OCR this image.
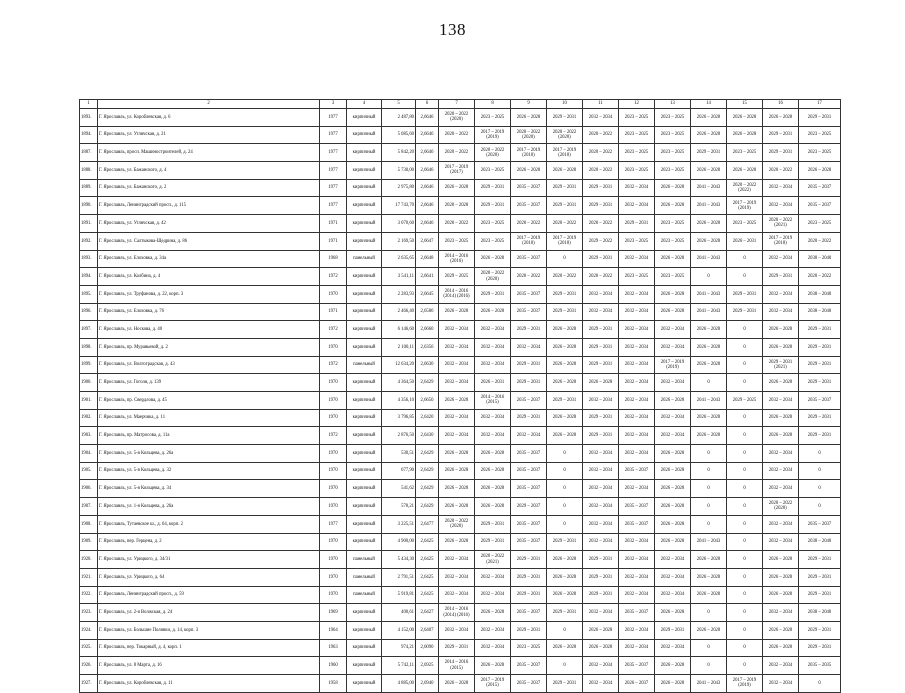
138
1	2	3	4	5	6	7	8	9	10	11	12	13	14	15	16	17
1893.	Г. Ярославль, ул. Короблевская, д. 6	1977	кирпичный	2 487,80	2,6646	2020 – 2022 (2020)	2023 – 2025	2026 – 2028	2029 – 2031	2032 – 2034	2023 – 2025	2023 – 2025	2026 – 2028	2026 – 2028	2026 – 2028	2029 – 2031
1894.	Г. Ярославль, ул. Угличская, д. 21	1977	кирпичный	5 085,60	2,6646	2020 – 2022	2017 – 2019 (2019)	2020 – 2022 (2020)	2020 – 2022 (2020)	2020 – 2022	2023 – 2025	2023 – 2025	2026 – 2028	2026 – 2028	2029 – 2031	2023 – 2025
1887.	Г. Ярославль, просп. Машиностроителей, д. 24	1977	кирпичный	5 842,20	2,6646	2020 – 2022	2020 – 2022 (2020)	2017 – 2019 (2018)	2017 – 2019 (2018)	2020 – 2022	2023 – 2025	2023 – 2025	2029 – 2031	2023 – 2025	2029 – 2031	2023 – 2025
1888.	Г. Ярославль, ул. Бажанского, д. 4	1977	кирпичный	5 730,00	2,6646	2017 – 2019 (2017)	2023 – 2025	2026 – 2028	2026 – 2028	2020 – 2022	2023 – 2025	2023 – 2025	2026 – 2028	2026 – 2028	2020 – 2022	2026 – 2028
1889.	Г. Ярославль, ул. Бажанского, д. 2	1977	кирпичный	2 975,80	2,6646	2026 – 2028	2029 – 2031	2035 – 2037	2029 – 2031	2029 – 2031	2032 – 2034	2026 – 2028	2041 – 2043	2020 – 2022 (2022)	2032 – 2034	2035 – 2037
1890.	Г. Ярославль, Ленинградский просп., д. 115	1977	кирпичный	17 743,70	2,6646	2020 – 2028	2029 – 2031	2035 – 2037	2029 – 2031	2029 – 2031	2032 – 2034	2026 – 2028	2041 – 2043	2017 – 2019 (2019)	2032 – 2034	2035 – 2037
1891.	Г. Ярославль, ул. Угличская, д. 42	1971	кирпичный	3 070,60	2,6646	2020 – 2022	2023 – 2025	2020 – 2022	2020 – 2022	2020 – 2022	2029 – 2031	2023 – 2025	2026 – 2028	2023 – 2025	2020 – 2022 (2021)	2023 – 2025
1892.	Г. Ярославль, ул. Салтыкова-Щедрина, д. 86	1971	кирпичный	2 169,50	2,6647	2023 – 2025	2023 – 2025	2017 – 2019 (2018)	2017 – 2019 (2018)	2029 – 2022	2023 – 2025	2023 – 2025	2026 – 2028	2026 – 2031	2017 – 2019 (2018)	2020 – 2022
1893.	Г. Ярославль, ул. Елоховка, д. 34а	1968	панельный	2 635,65	2,6648	2014 – 2016 (2016)	2026 – 2028	2035 – 2037	0	2029 – 2031	2032 – 2034	2026 – 2028	2041 – 2043	0	2032 – 2034	2038 – 2040
1894.	Г. Ярославль, ул. Колбина, д. 4	1972	кирпичный	3 541,11	2,6641	2029 – 2025	2020 – 2022 (2020)	2020 – 2022	2020 – 2022	2020 – 2022	2023 – 2025	2023 – 2025	0	0	2029 – 2031	2020 – 2022
1895.	Г. Ярославль, ул. Труфанова, д. 22, корп. 3	1970	кирпичный	2 283,93	2,6645	2014 – 2016 (2014) (2016)	2029 – 2031	2035 – 2037	2029 – 2031	2032 – 2034	2032 – 2034	2026 – 2028	2041 – 2043	2029 – 2031	2032 – 2034	2038 – 2040
1896.	Г. Ярославль, ул. Елоховка, д. 76	1971	кирпичный	2 466,40	2,6586	2026 – 2028	2026 – 2028	2035 – 2037	2029 – 2031	2032 – 2034	2032 – 2034	2026 – 2028	2041 – 2043	2029 – 2031	2032 – 2034	2038 – 2040
1897.	Г. Ярославль, ул. Носкова, д. 40	1972	кирпичный	6 146,60	2,6660	2032 – 2034	2032 – 2034	2029 – 2031	2026 – 2028	2029 – 2031	2032 – 2034	2032 – 2034	2026 – 2028	0	2026 – 2028	2029 – 2031
1898.	Г. Ярославль, пр. Муравьевой, д. 2	1970	кирпичный	2 100,11	2,6356	2032 – 2034	2032 – 2034	2032 – 2034	2026 – 2028	2029 – 2031	2032 – 2034	2032 – 2034	2026 – 2028	0	2026 – 2028	2029 – 2031
1899.	Г. Ярославль, ул. Волгоградская, д. 43	1972	панельный	12 634,20	2,6630	2032 – 2034	2032 – 2034	2029 – 2031	2026 – 2028	2029 – 2031	2032 – 2034	2017 – 2019 (2019)	2026 – 2028	0	2029 – 2031 (2021)	2029 – 2031
1900.	Г. Ярославль, ул. Гоголя, д. 139	1970	кирпичный	4 364,50	2,6429	2032 – 2034	2026 – 2031	2029 – 2031	2026 – 2028	2026 – 2028	2032 – 2034	2032 – 2034	0	0	2026 – 2028	2029 – 2031
1901.	Г. Ярославль, пр. Свердлова, д. 45	1970	кирпичный	4 356,10	2,6650	2026 – 2028	2014 – 2016 (2015)	2035 – 2037	2029 – 2031	2032 – 2034	2032 – 2034	2026 – 2028	2041 – 2043	2029 – 2025	2032 – 2034	2035 – 2037
1902.	Г. Ярославль, ул. Маерчика, д. 11	1970	кирпичный	3 796,85	2,6420	2032 – 2034	2032 – 2034	2029 – 2031	2026 – 2028	2029 – 2031	2032 – 2034	2032 – 2034	2026 – 2028	0	2026 – 2028	2029 – 2031
1903.	Г. Ярославль, пр. Матросова, д. 11а	1972	кирпичный	2 876,50	2,6430	2032 – 2034	2032 – 2034	2032 – 2034	2026 – 2028	2029 – 2031	2032 – 2034	2032 – 2034	2026 – 2028	0	2026 – 2028	2029 – 2031
1904.	Г. Ярославль, ул. 5-я Кольцева, д. 26а	1970	кирпичный	530,51	2,6429	2026 – 2028	2026 – 2028	2035 – 2037	0	2032 – 2034	2032 – 2034	2026 – 2028	0	0	2032 – 2034	0
1905.	Г. Ярославль, ул. 5-я Кольцева, д. 32	1970	кирпичный	677,90	2,6429	2026 – 2028	2026 – 2028	2035 – 2037	0	2032 – 2034	2035 – 2037	2026 – 2028	0	0	2032 – 2034	0
1906.	Г. Ярославль, ул. 5-я Кольцева, д. 34	1970	кирпичный	541,62	2,6429	2026 – 2028	2026 – 2028	2035 – 2037	0	2032 – 2034	2032 – 2034	2026 – 2028	0	0	2032 – 2034	0
1907.	Г. Ярославль, ул. 1-я Кольцева, д. 26а	1970	кирпичный	578,21	2,6429	2026 – 2028	2026 – 2028	2029 – 2037	0	2032 – 2034	2035 – 2037	2026 – 2028	0	0	2020 – 2022 (2020)	0
1908.	Г. Ярославль, Тутаевское ш., д. 64, корп. 2	1977	кирпичный	3 225,51	2,6477	2020 – 2022 (2020)	2029 – 2031	2035 – 2037	0	2032 – 2034	2035 – 2037	2026 – 2028	0	0	2032 – 2034	2035 – 2037
1909.	Г. Ярославль, пер. Герцена, д. 2	1970	кирпичный	4 900,00	2,6425	2026 – 2028	2029 – 2031	2035 – 2037	2029 – 2031	2032 – 2034	2032 – 2034	2026 – 2028	2041 – 2043	0	2032 – 2034	2038 – 2040
1920.	Г. Ярославль, ул. Урицкого, д. 34/31	1970	панельный	5 434,30	2,6425	2032 – 2034	2020 – 2022 (2021)	2029 – 2031	2026 – 2028	2029 – 2031	2032 – 2034	2032 – 2034	2026 – 2028	0	2026 – 2028	2029 – 2031
1921.	Г. Ярославль, ул. Урицкого, д. 64	1970	панельный	2 791,51	2,6425	2032 – 2034	2032 – 2034	2029 – 2031	2026 – 2028	2029 – 2031	2032 – 2034	2032 – 2034	2026 – 2028	0	2026 – 2028	2029 – 2031
1922.	Г. Ярославль, Ленинградский просп., д. 59	1970	панельный	5 919,81	2,6425	2032 – 2034	2032 – 2034	2029 – 2031	2026 – 2028	2029 – 2031	2032 – 2034	2032 – 2034	2026 – 2028	0	2026 – 2028	2029 – 2031
1923.	Г. Ярославль, ул. 2-я Волжская, д. 24	1969	кирпичный	400,61	2,6427	2014 – 2016 (2014) (2016)	2026 – 2028	2035 – 2037	2029 – 2031	2032 – 2034	2035 – 2037	2026 – 2028	0	0	2032 – 2034	2038 – 2040
1924.	Г. Ярославль, ул. Большие Полянки, д. 14, корп. 3	1964	кирпичный	4 152,00	2,6407	2032 – 2034	2032 – 2034	2029 – 2031	0	2026 – 2028	2032 – 2034	2029 – 2031	2026 – 2028	0	2026 – 2028	2029 – 2031
1925.	Г. Ярославль, пер. Токарный, д. 4, корп. 1	1963	кирпичный	974,21	2,6090	2029 – 2031	2032 – 2034	2023 – 2025	2026 – 2028	2026 – 2028	2032 – 2034	2032 – 2034	0	0	2026 – 2028	2029 – 2031
1926.	Г. Ярославль, ул. 8 Марта, д. 16	1960	кирпичный	5 742,11	2,6925	2014 – 2016 (2015)	2026 – 2028	2035 – 2037	0	2032 – 2034	2035 – 2037	2026 – 2028	0	0	2032 – 2034	2035 – 2035
1927.	Г. Ярославль, ул. Короблевская, д. 11	1958	кирпичный	4 885,00	2,6940	2026 – 2028	2017 – 2019 (2015)	2035 – 2037	2029 – 2031	2032 – 2034	2026 – 2037	2026 – 2028	2041 – 2043	2017 – 2019 (2019)	2032 – 2034	0
